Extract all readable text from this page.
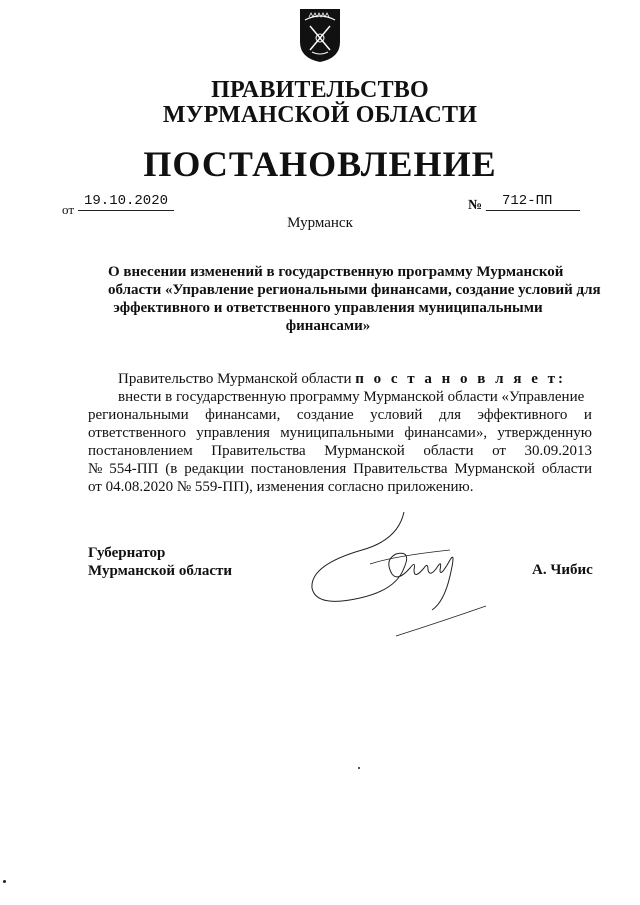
ПРАВИТЕЛЬСТВО
МУРМАНСКОЙ ОБЛАСТИ
ПОСТАНОВЛЕНИЕ
от
19.10.2020	№	712-ПП
Мурманск
О внесении изменений в государственную программу Мурманской
области «Управление региональными финансами, создание условий для
эффективного и ответственного управления муниципальными
финансами»
Правительство Мурманской области п о с т а н о в л я е т:
внести в государственную программу Мурманской области «Управление
региональными финансами, создание условий для эффективного и
ответственного управления муниципальными финансами», утвержденную
постановлением Правительства Мурманской области от 30.09.2013
№ 554-ПП (в редакции постановления Правительства Мурманской области
от 04.08.2020 № 559-ПП), изменения согласно приложению.
Губернатор
Мурманской области	А. Чибис
